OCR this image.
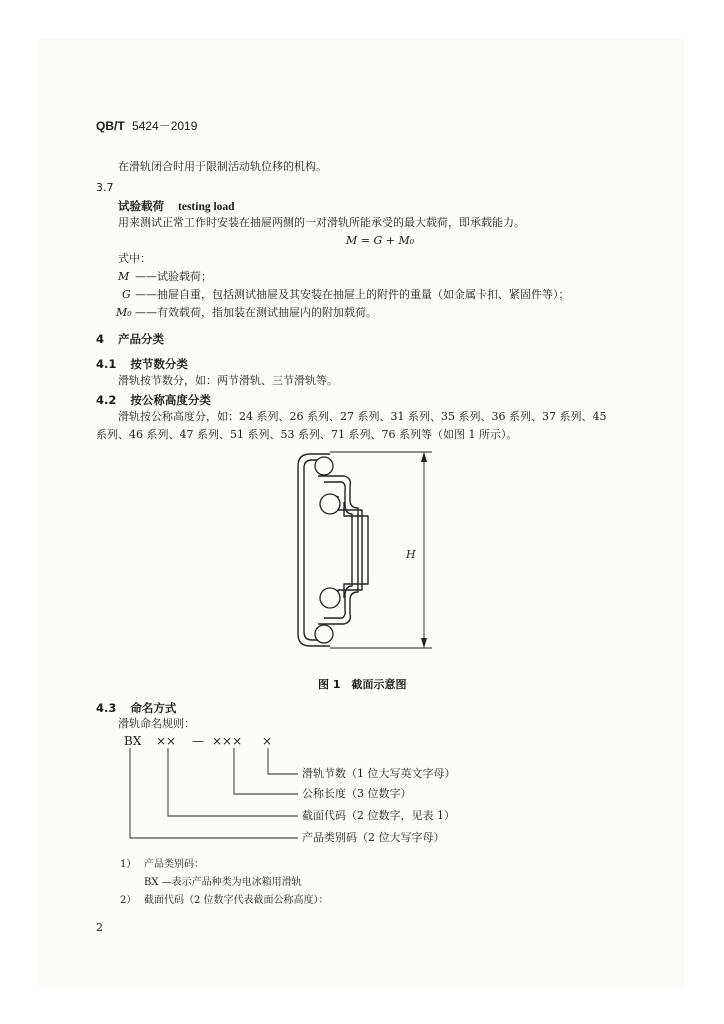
QB/T 5424－2019
在滑轨闭合时用于限制活动轨位移的机构。
3.7
试验载荷 testing load
用来测试正常工作时安装在抽屉两侧的一对滑轨所能承受的最大载荷，即承载能力。
M = G + M₀
式中：
M ——试验载荷；
G ——抽屉自重，包括测试抽屉及其安装在抽屉上的附件的重量（如金属卡扣、紧固件等）；
M₀ ——有效载荷，指加装在测试抽屉内的附加载荷。
4 产品分类
4.1 按节数分类
滑轨按节数分，如：两节滑轨、三节滑轨等。
4.2 按公称高度分类
滑轨按公称高度分，如：24 系列、26 系列、27 系列、31 系列、35 系列、36 系列、37 系列、45
系列、46 系列、47 系列、51 系列、53 系列、71 系列、76 系列等（如图 1 所示）。
H
图 1　截面示意图
4.3 命名方式
滑轨命名规则：
BX ×× — ××× ×
滑轨节数（1 位大写英文字母）
公称长度（3 位数字）
截面代码（2 位数字，见表 1）
产品类别码（2 位大写字母）
1） 产品类别码：
BX —表示产品种类为电冰箱用滑轨
2） 截面代码（2 位数字代表截面公称高度）：
2
